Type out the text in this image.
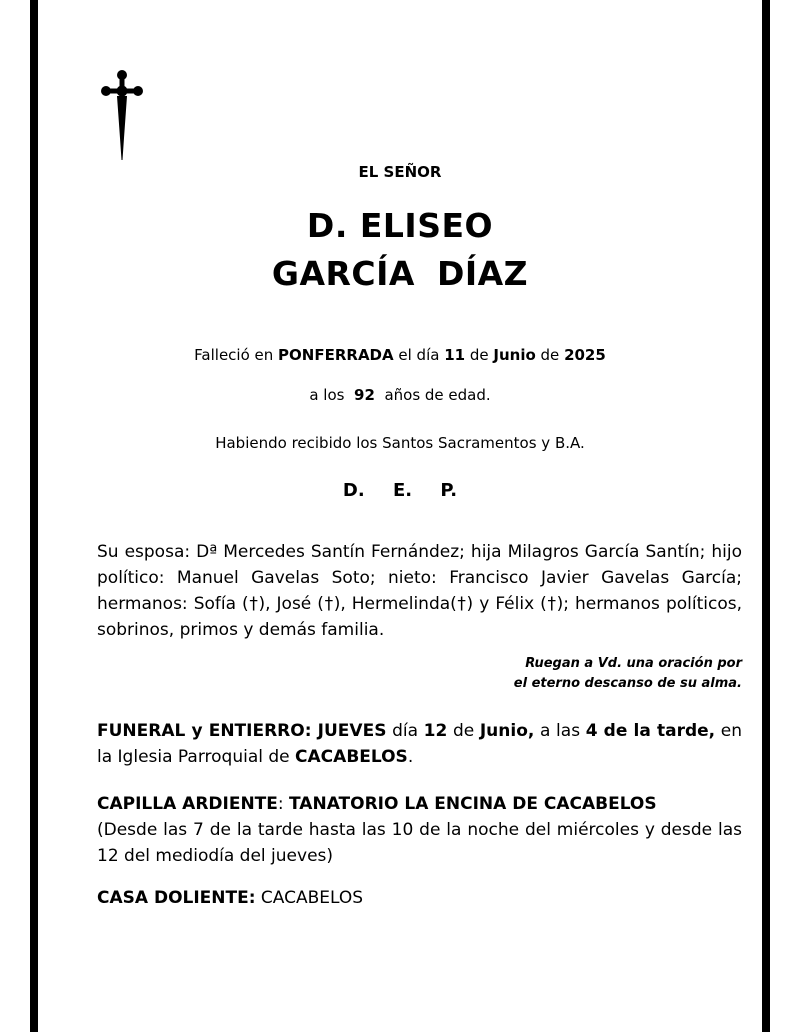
EL SEÑOR
D. ELISEO
GARCÍA DÍAZ
Falleció en PONFERRADA el día 11 de Junio de 2025
a los  92  años de edad.
Habiendo recibido los Santos Sacramentos y B.A.
D. E. P.
Su esposa: Dª Mercedes Santín Fernández; hija Milagros García Santín; hijo político: Manuel Gavelas Soto; nieto: Francisco Javier Gavelas García; hermanos: Sofía (†), José (†), Hermelinda(†) y Félix (†); hermanos políticos, sobrinos, primos y demás familia.
Ruegan a Vd. una oración por
el eterno descanso de su alma.
FUNERAL y ENTIERRO: JUEVES día 12 de Junio, a las 4 de la tarde, en la Iglesia Parroquial de CACABELOS.
CAPILLA ARDIENTE: TANATORIO LA ENCINA DE CACABELOS
(Desde las 7 de la tarde hasta las 10 de la noche del miércoles y desde las 12 del mediodía del jueves)
CASA DOLIENTE: CACABELOS
